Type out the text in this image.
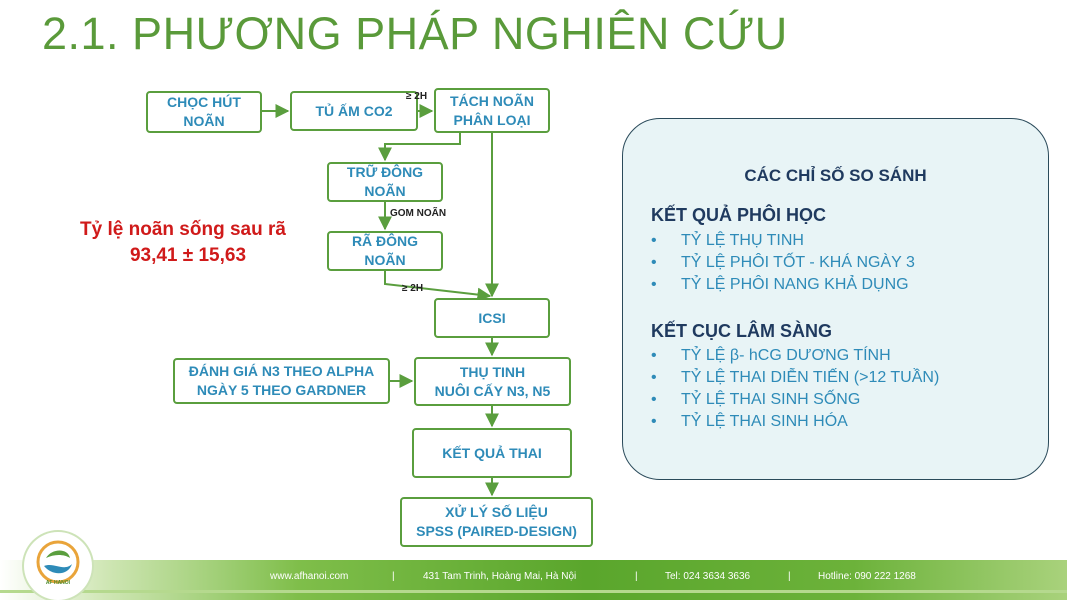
2.1. PHƯƠNG PHÁP NGHIÊN CỨU
CHỌC HÚT
NOÃN
TỦ ẤM CO2
TÁCH NOÃN
PHÂN LOẠI
TRỮ ĐÔNG
NOÃN
RÃ ĐÔNG
NOÃN
ICSI
ĐÁNH GIÁ N3 THEO ALPHA
NGÀY 5 THEO GARDNER
THỤ TINH
NUÔI CẤY N3, N5
KẾT QUẢ THAI
XỬ LÝ SỐ LIỆU
SPSS (PAIRED-DESIGN)
≥ 2H
GOM NOÃN
≥ 2H
Tỷ lệ noãn sống sau rã
93,41 ± 15,63
CÁC CHỈ SỐ SO SÁNH
KẾT QUẢ PHÔI HỌC
• TỶ LỆ THỤ TINH
• TỶ LỆ PHÔI TỐT - KHÁ NGÀY 3
• TỶ LỆ PHÔI NANG KHẢ DỤNG
KẾT CỤC LÂM SÀNG
• TỶ LỆ β- hCG DƯƠNG TÍNH
• TỶ LỆ THAI DIỄN TIẾN (>12 TUẦN)
• TỶ LỆ THAI SINH SỐNG
• TỶ LỆ THAI SINH HÓA
www.afhanoi.com	|	431 Tam Trinh, Hoàng Mai, Hà Nội	|	Tel: 024 3634 3636	|	Hotline: 090 222 1268
AF HANOI
